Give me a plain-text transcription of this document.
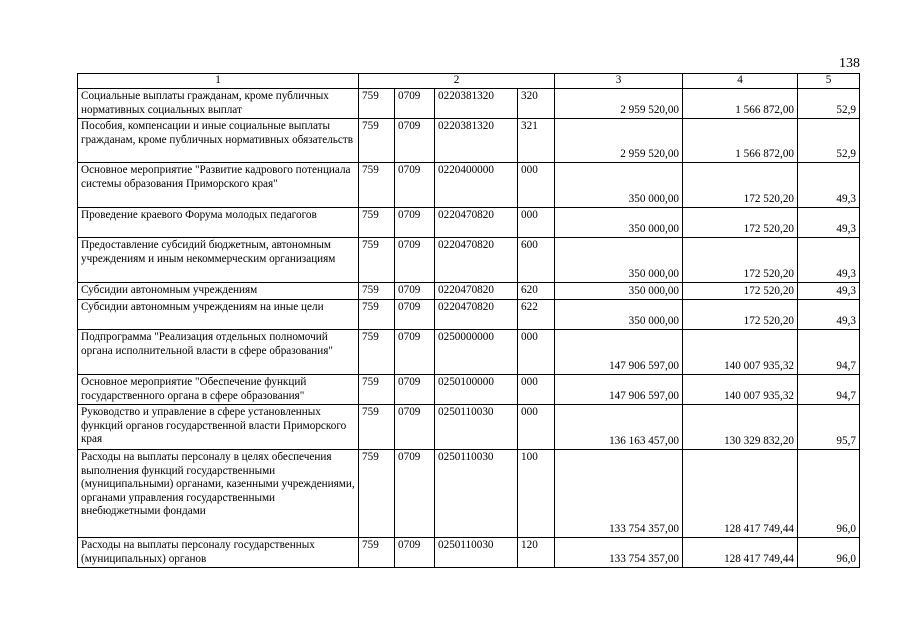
138
1	2				3	4	5
Социальные выплаты гражданам, кроме публичных нормативных социальных выплат	759	0709	0220381320	320	2 959 520,00	1 566 872,00	52,9
Пособия, компенсации и иные социальные выплаты гражданам, кроме публичных нормативных обязательств	759	0709	0220381320	321	2 959 520,00	1 566 872,00	52,9
Основное мероприятие "Развитие кадрового потенциала системы образования Приморского края"	759	0709	0220400000	000	350 000,00	172 520,20	49,3
Проведение краевого Форума молодых педагогов	759	0709	0220470820	000	350 000,00	172 520,20	49,3
Предоставление субсидий бюджетным, автономным учреждениям и иным некоммерческим организациям	759	0709	0220470820	600	350 000,00	172 520,20	49,3
Субсидии автономным учреждениям	759	0709	0220470820	620	350 000,00	172 520,20	49,3
Субсидии автономным учреждениям на иные цели	759	0709	0220470820	622	350 000,00	172 520,20	49,3
Подпрограмма "Реализация отдельных полномочий органа исполнительной власти в сфере образования"	759	0709	0250000000	000	147 906 597,00	140 007 935,32	94,7
Основное мероприятие "Обеспечение функций государственного органа в сфере образования"	759	0709	0250100000	000	147 906 597,00	140 007 935,32	94,7
Руководство и управление в сфере установленных функций органов государственной власти Приморского края	759	0709	0250110030	000	136 163 457,00	130 329 832,20	95,7
Расходы на выплаты персоналу в целях обеспечения выполнения функций государственными (муниципальными) органами, казенными учреждениями, органами управления государственными внебюджетными фондами	759	0709	0250110030	100	133 754 357,00	128 417 749,44	96,0
Расходы на выплаты персоналу государственных (муниципальных) органов	759	0709	0250110030	120	133 754 357,00	128 417 749,44	96,0
